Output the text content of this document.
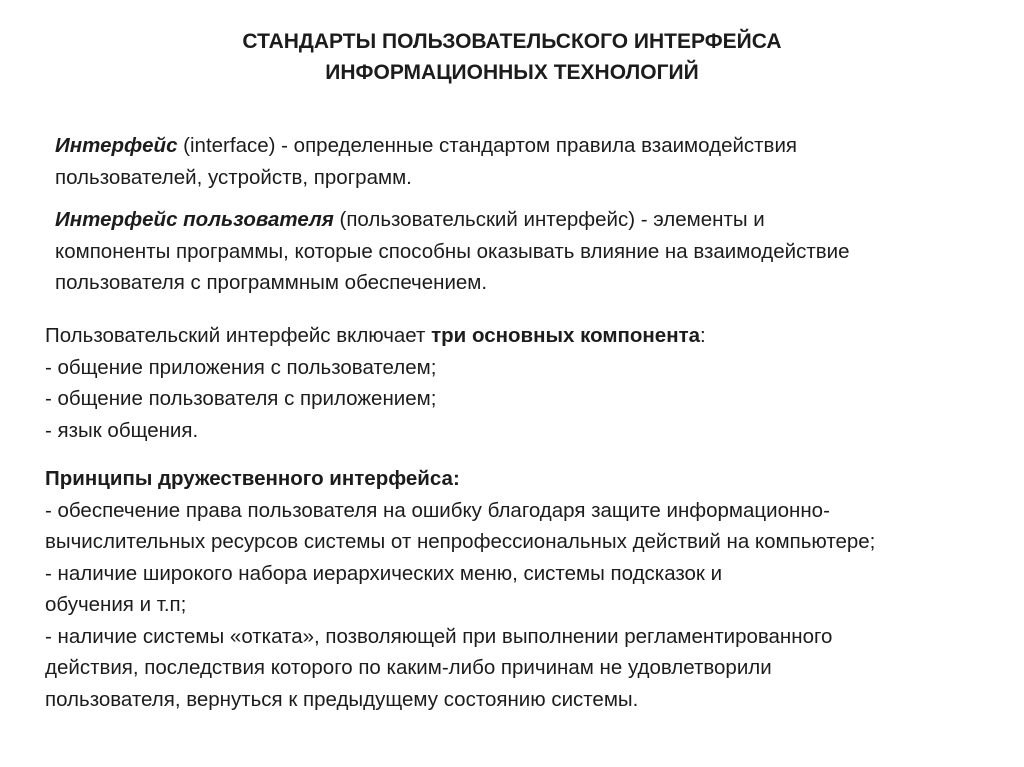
СТАНДАРТЫ ПОЛЬЗОВАТЕЛЬСКОГО ИНТЕРФЕЙСА
ИНФОРМАЦИОННЫХ ТЕХНОЛОГИЙ
Интерфейс (interface) - определенные стандартом правила взаимодействия
пользователей, устройств, программ.
Интерфейс пользователя (пользовательский интерфейс) - элементы и
компоненты программы, которые способны оказывать влияние на взаимодействие
пользователя с программным обеспечением.
Пользовательский интерфейс включает три основных компонента:
- общение приложения с пользователем;
- общение пользователя с приложением;
- язык общения.
Принципы дружественного интерфейса:
- обеспечение права пользователя на ошибку благодаря защите информационно-
вычислительных ресурсов системы от непрофессиональных действий на компьютере;
- наличие широкого набора иерархических меню, системы подсказок и
обучения и т.п;
- наличие системы «отката», позволяющей при выполнении регламентированного
действия, последствия которого по каким-либо причинам не удовлетворили
пользователя, вернуться к предыдущему состоянию системы.
